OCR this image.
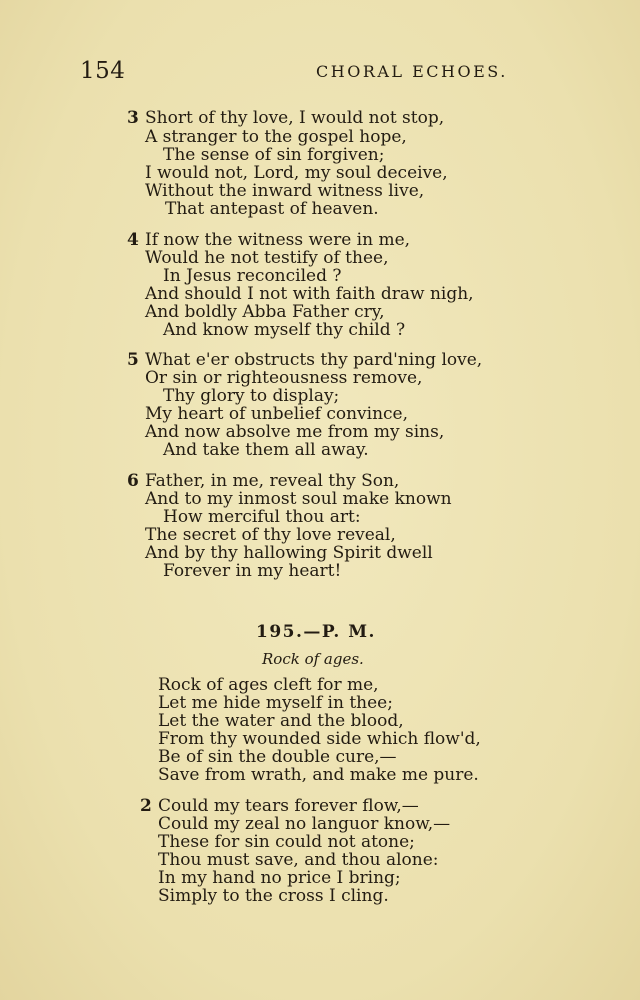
154	CHORAL ECHOES.
3 Short of thy love, I would not stop,
A stranger to the gospel hope,
The sense of sin forgiven;
I would not, Lord, my soul deceive,
Without the inward witness live,
That antepast of heaven.
4 If now the witness were in me,
Would he not testify of thee,
In Jesus reconciled ?
And should I not with faith draw nigh,
And boldly Abba Father cry,
And know myself thy child ?
5 What e'er obstructs thy pard'ning love,
Or sin or righteousness remove,
Thy glory to display;
My heart of unbelief convince,
And now absolve me from my sins,
And take them all away.
6 Father, in me, reveal thy Son,
And to my inmost soul make known
How merciful thou art:
The secret of thy love reveal,
And by thy hallowing Spirit dwell
Forever in my heart!
195.—P. M.
Rock of ages.
Rock of ages cleft for me,
Let me hide myself in thee;
Let the water and the blood,
From thy wounded side which flow'd,
Be of sin the double cure,—
Save from wrath, and make me pure.
2 Could my tears forever flow,—
Could my zeal no languor know,—
These for sin could not atone;
Thou must save, and thou alone:
In my hand no price I bring;
Simply to the cross I cling.
